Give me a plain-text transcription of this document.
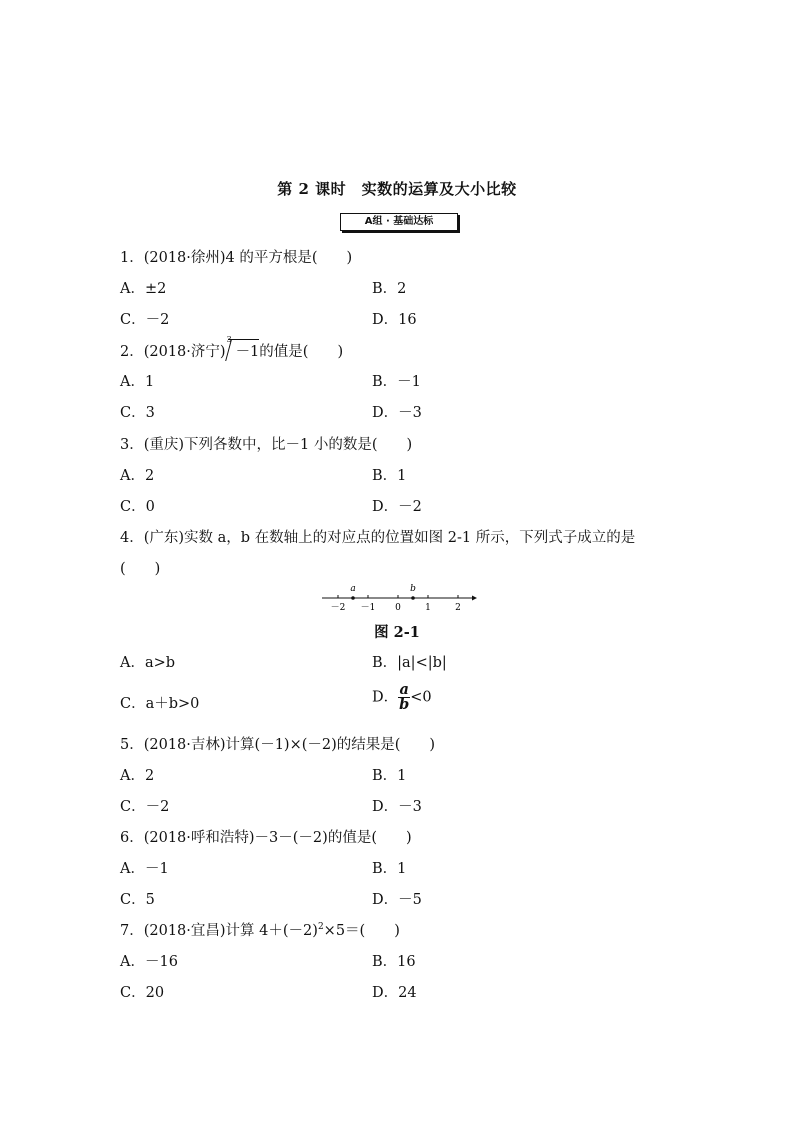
第 2 课时　实数的运算及大小比较
A组 · 基础达标
1．(2018·徐州)4 的平方根是(　　)
A．±2	B．2
C．－2	D．16
2．(2018·济宁)
3
－1的值是(　　)
A．1	B．－1
C．3	D．－3
3．(重庆)下列各数中，比－1 小的数是(　　)
A．2	B．1
C．0	D．－2
4．(广东)实数 a，b 在数轴上的对应点的位置如图 2-1 所示，下列式子成立的是
(　　)
－2 －1 0	1	2
a	b
图 2-1
A．a>b	B．|a|<|b|
C．a＋b>0	D． $\frac{a}{b} <0$
5．(2018·吉林)计算(－1)×(－2)的结果是(　　)
A．2	B．1
C．－2	D．－3
6．(2018·呼和浩特)－3－(－2)的值是(　　)
A．－1	B．1
C．5	D．－5
7．(2018·宜昌)计算 $4+(-2)^2\times 5=$(　　)
A．－16	B．16
C．20	D．24
